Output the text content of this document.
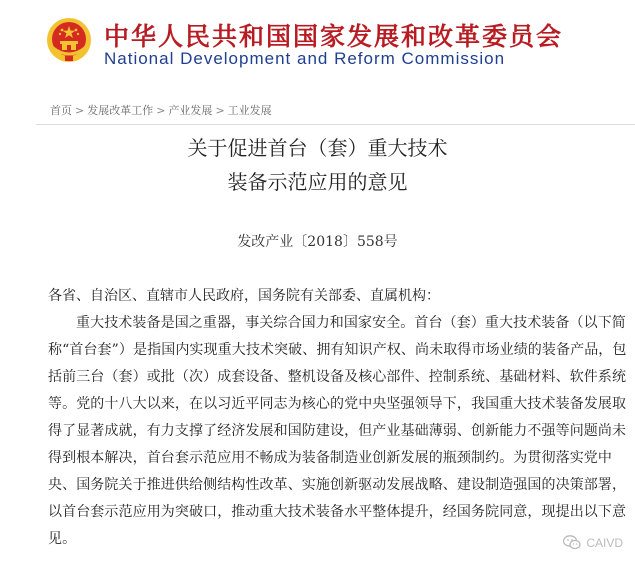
中华人民共和国国家发展和改革委员会
National Development and Reform Commission
首页 > 发展改革工作 > 产业发展 > 工业发展
关于促进首台（套）重大技术
装备示范应用的意见
发改产业〔2018〕558号

各省、自治区、直辖市人民政府，国务院有关部委、直属机构：

重大技术装备是国之重器，事关综合国力和国家安全。首台（套）重大技术装备（以下简称“首台套”）是指国内实现重大技术突破、拥有知识产权、尚未取得市场业绩的装备产品，包括前三台（套）或批（次）成套设备、整机设备及核心部件、控制系统、基础材料、软件系统等。党的十八大以来，在以习近平同志为核心的党中央坚强领导下，我国重大技术装备发展取得了显著成就，有力支撑了经济发展和国防建设，但产业基础薄弱、创新能力不强等问题尚未得到根本解决，首台套示范应用不畅成为装备制造业创新发展的瓶颈制约。为贯彻落实党中央、国务院关于推进供给侧结构性改革、实施创新驱动发展战略、建设制造强国的决策部署，以首台套示范应用为突破口，推动重大技术装备水平整体提升，经国务院同意，现提出以下意见。	CAIVD
